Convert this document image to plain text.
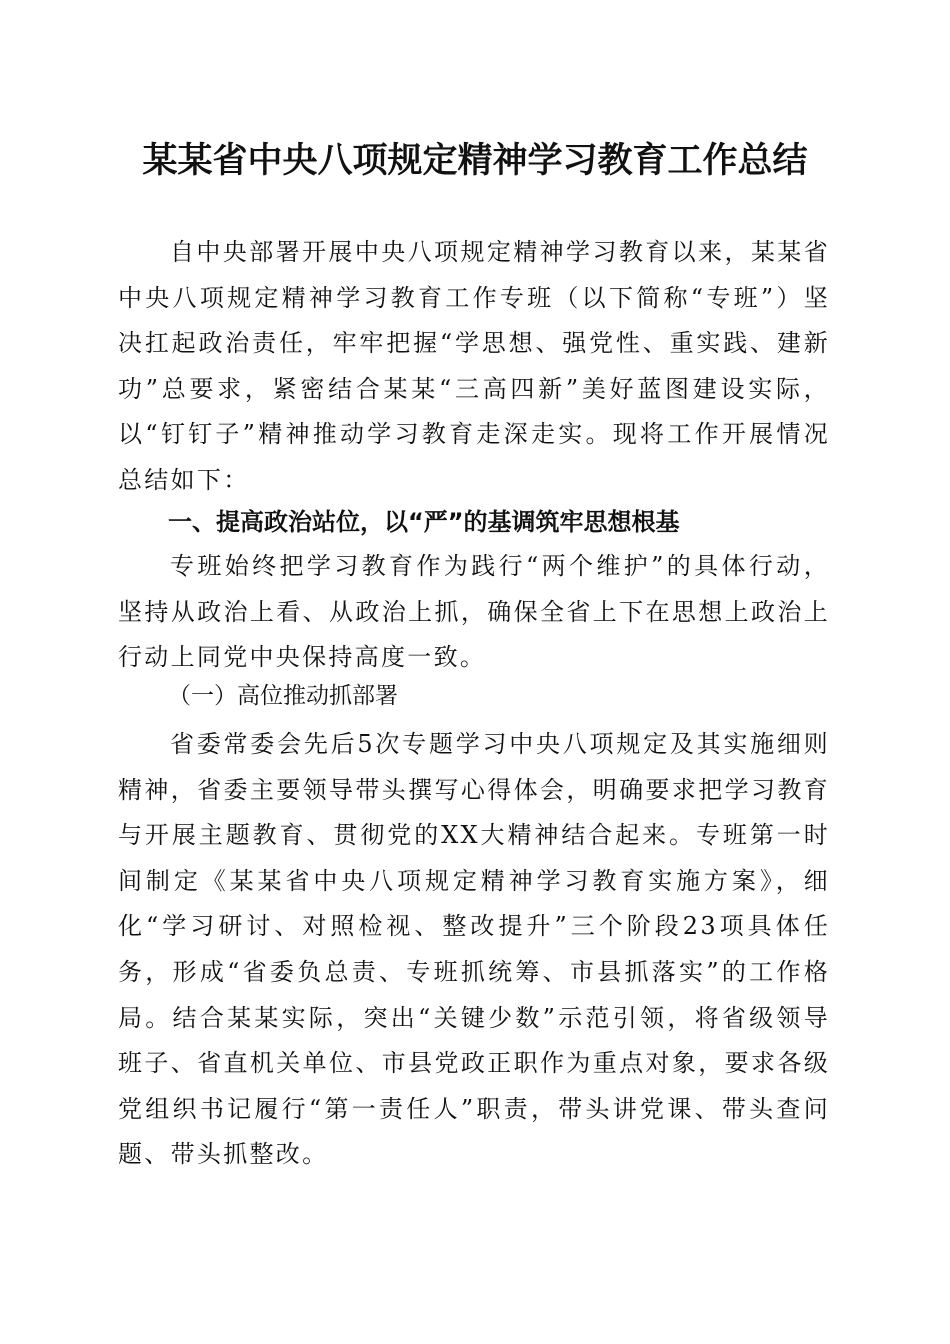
某某省中央八项规定精神学习教育工作总结
自中央部署开展中央八项规定精神学习教育以来，某某省中央八项规定精神学习教育工作专班（以下简称“专班”）坚决扛起政治责任，牢牢把握“学思想、强党性、重实践、建新功”总要求，紧密结合某某“三高四新”美好蓝图建设实际，以“钉钉子”精神推动学习教育走深走实。现将工作开展情况总结如下：
一、提高政治站位，以“严”的基调筑牢思想根基
专班始终把学习教育作为践行“两个维护”的具体行动，坚持从政治上看、从政治上抓，确保全省上下在思想上政治上行动上同党中央保持高度一致。
（一）高位推动抓部署
省委常委会先后5次专题学习中央八项规定及其实施细则精神，省委主要领导带头撰写心得体会，明确要求把学习教育与开展主题教育、贯彻党的XX大精神结合起来。专班第一时间制定《某某省中央八项规定精神学习教育实施方案》，细化“学习研讨、对照检视、整改提升”三个阶段23项具体任务，形成“省委负总责、专班抓统筹、市县抓落实”的工作格局。结合某某实际，突出“关键少数”示范引领，将省级领导班子、省直机关单位、市县党政正职作为重点对象，要求各级党组织书记履行“第一责任人”职责，带头讲党课、带头查问题、带头抓整改。
